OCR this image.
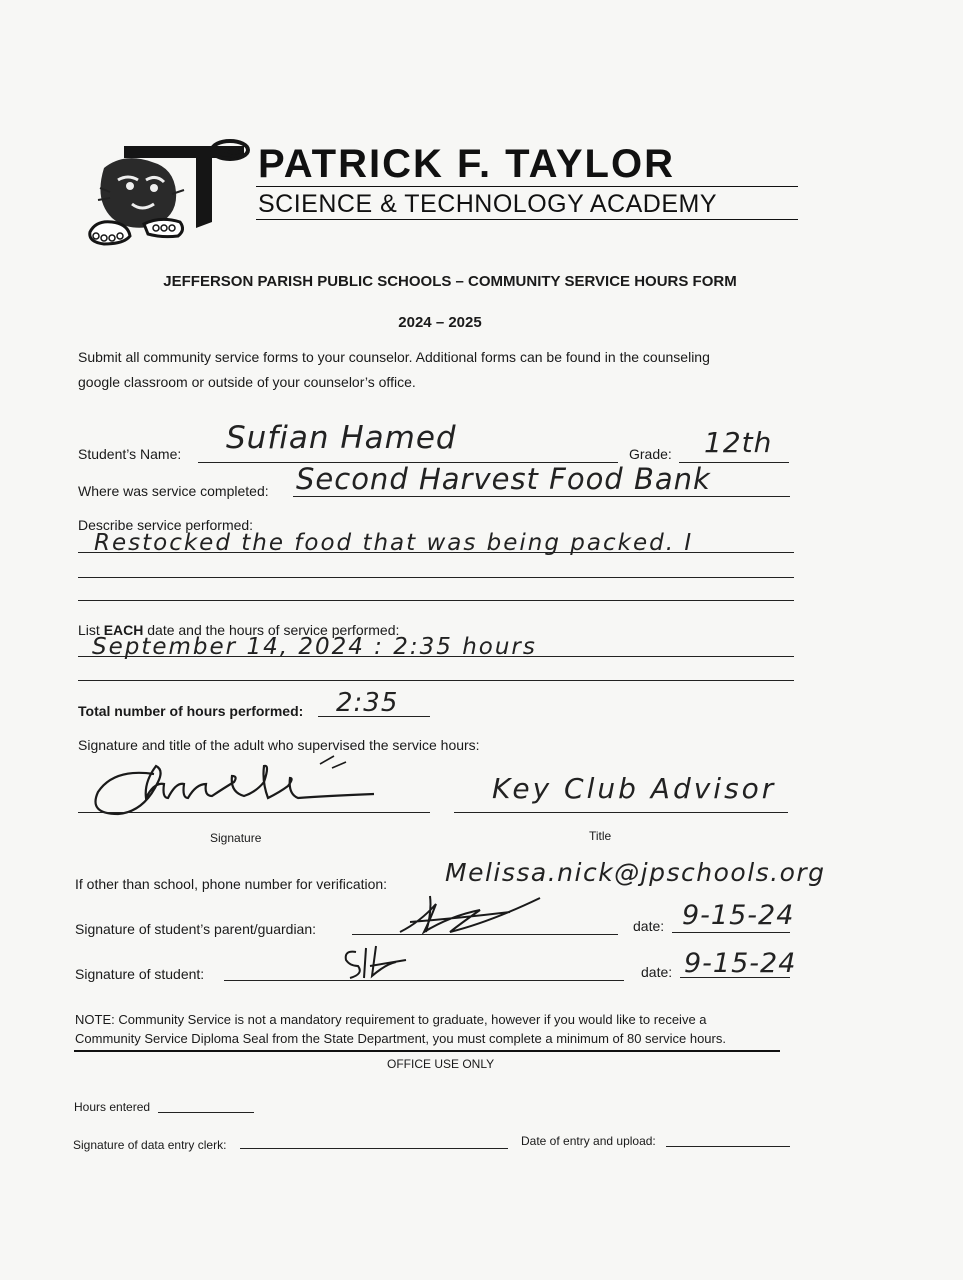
PATRICK F. TAYLOR
SCIENCE & TECHNOLOGY ACADEMY
JEFFERSON PARISH PUBLIC SCHOOLS – COMMUNITY SERVICE HOURS FORM
2024 – 2025
Submit all community service forms to your counselor. Additional forms can be found in the counseling
google classroom or outside of your counselor’s office.
Student’s Name: Sufian Hamed	Grade: 12th
Where was service completed: Second Harvest Food Bank
Describe service performed:
Restocked the food that was being packed. I
List EACH date and the hours of service performed:
September 14, 2024 : 2:35 hours
Total number of hours performed: 2:35
Signature and title of the adult who supervised the service hours:
Key Club Advisor
Signature	Title
If other than school, phone number for verification: Melissa.nick@jpschools.org
Signature of student’s parent/guardian:	date: 9-15-24
Signature of student:	date: 9-15-24
NOTE: Community Service is not a mandatory requirement to graduate, however if you would like to receive a
Community Service Diploma Seal from the State Department, you must complete a minimum of 80 service hours.
OFFICE USE ONLY
Hours entered
Signature of data entry clerk:	Date of entry and upload:
